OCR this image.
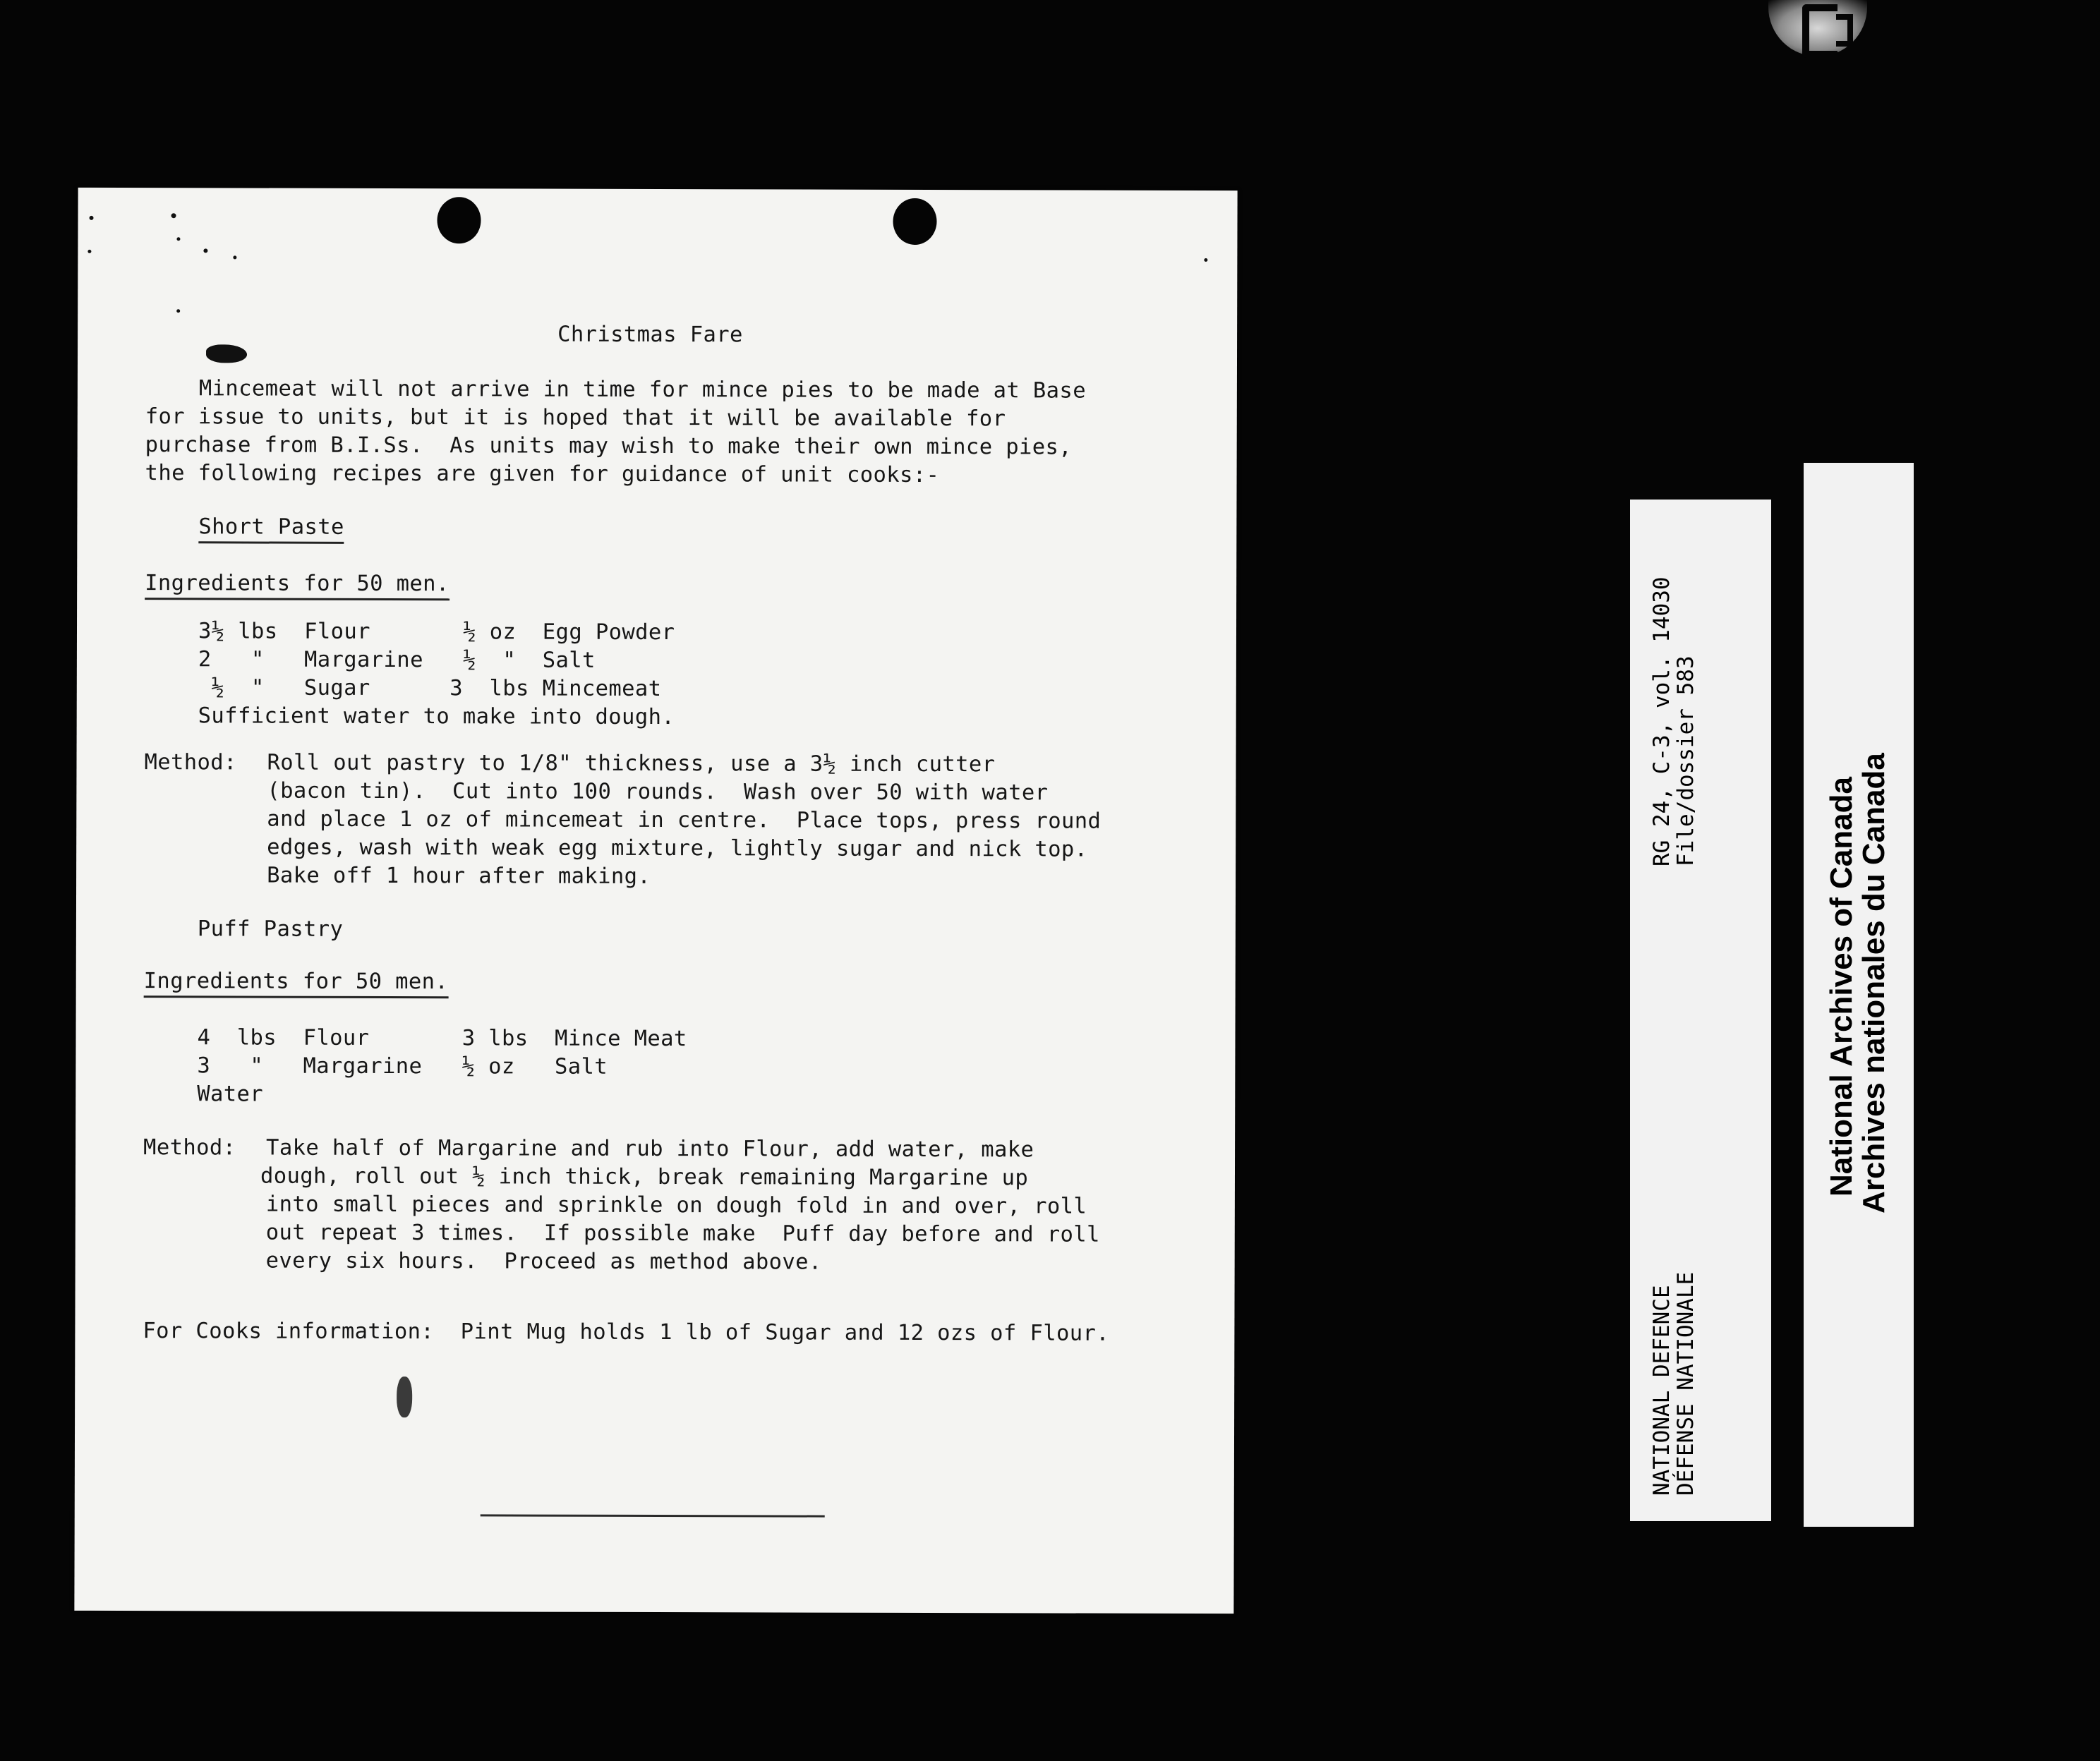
Christmas Fare
Mincemeat will not arrive in time for mince pies to be made at Base
for issue to units, but it is hoped that it will be available for
purchase from B.I.Ss.  As units may wish to make their own mince pies,
the following recipes are given for guidance of unit cooks:-
Short Paste
Ingredients for 50 men.
3½ lbs  Flour       ½ oz  Egg Powder
2   "   Margarine   ½  "  Salt
½  "   Sugar      3  lbs Mincemeat
Sufficient water to make into dough.
Method: Roll out pastry to 1/8" thickness, use a 3½ inch cutter
(bacon tin).  Cut into 100 rounds.  Wash over 50 with water
and place 1 oz of mincemeat in centre.  Place tops, press round
edges, wash with weak egg mixture, lightly sugar and nick top.
Bake off 1 hour after making.
Puff Pastry
Ingredients for 50 men.
4  lbs  Flour       3 lbs  Mince Meat
3   "   Margarine   ½ oz   Salt
Water
Method: Take half of Margarine and rub into Flour, add water, make
dough, roll out ½ inch thick, break remaining Margarine up
into small pieces and sprinkle on dough fold in and over, roll
out repeat 3 times.  If possible make  Puff day before and roll
every six hours.  Proceed as method above.
For Cooks information:  Pint Mug holds 1 lb of Sugar and 12 ozs of Flour.
RG 24, C-3, vol. 14030
File/dossier 583
NATIONAL DEFENCE
DÉFENSE NATIONALE
National Archives of Canada
Archives nationales du Canada
